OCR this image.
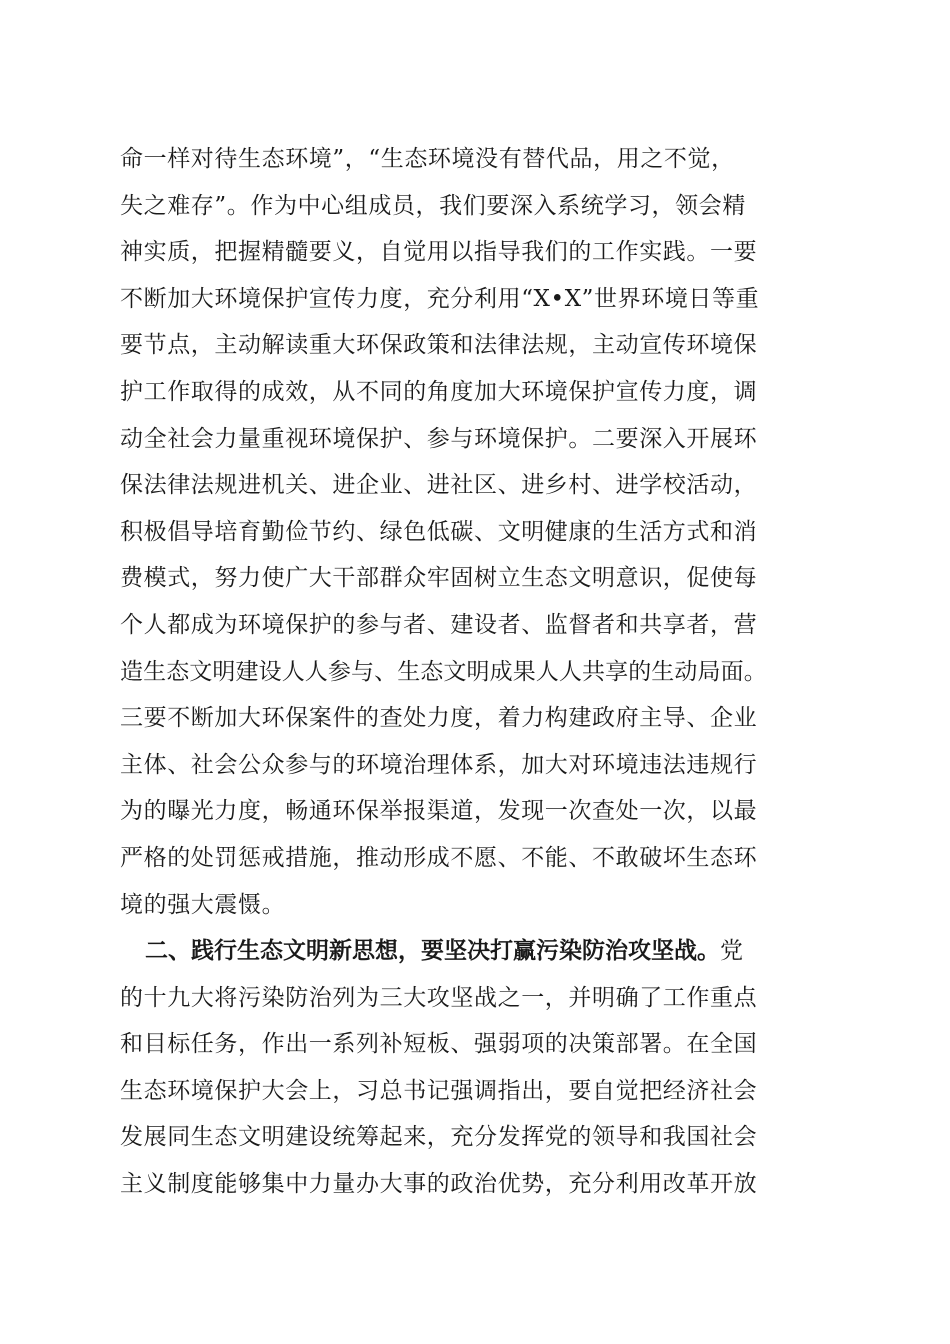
命一样对待生态环境”，“生态环境没有替代品，用之不觉，
失之难存”。作为中心组成员，我们要深入系统学习，领会精
神实质，把握精髓要义，自觉用以指导我们的工作实践。一要
不断加大环境保护宣传力度，充分利用“X•X”世界环境日等重
要节点，主动解读重大环保政策和法律法规，主动宣传环境保
护工作取得的成效，从不同的角度加大环境保护宣传力度，调
动全社会力量重视环境保护、参与环境保护。二要深入开展环
保法律法规进机关、进企业、进社区、进乡村、进学校活动，
积极倡导培育勤俭节约、绿色低碳、文明健康的生活方式和消
费模式，努力使广大干部群众牢固树立生态文明意识，促使每
个人都成为环境保护的参与者、建设者、监督者和共享者，营
造生态文明建设人人参与、生态文明成果人人共享的生动局面。
三要不断加大环保案件的查处力度，着力构建政府主导、企业
主体、社会公众参与的环境治理体系，加大对环境违法违规行
为的曝光力度，畅通环保举报渠道，发现一次查处一次，以最
严格的处罚惩戒措施，推动形成不愿、不能、不敢破坏生态环
境的强大震慑。
二、践行生态文明新思想，要坚决打赢污染防治攻坚战。党
的十九大将污染防治列为三大攻坚战之一，并明确了工作重点
和目标任务，作出一系列补短板、强弱项的决策部署。在全国
生态环境保护大会上，习总书记强调指出，要自觉把经济社会
发展同生态文明建设统筹起来，充分发挥党的领导和我国社会
主义制度能够集中力量办大事的政治优势，充分利用改革开放
